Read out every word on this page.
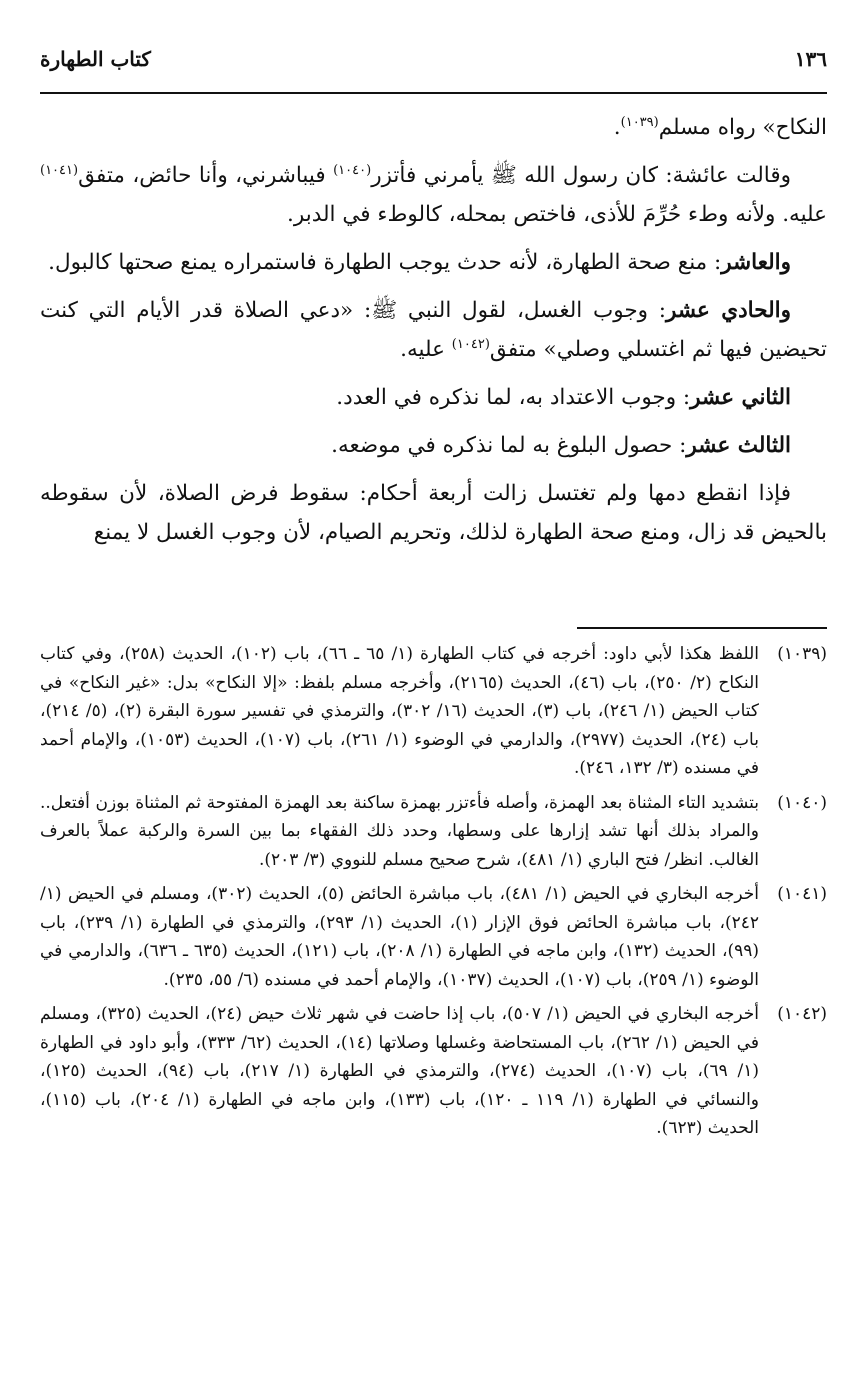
١٣٦
كتاب الطهارة

النكاح» رواه مسلم$^{(١٠٣٩)}$.

وقالت عائشة: كان رسول الله ﷺ يأمرني فأتزر$^{(١٠٤٠)}$ فيباشرني، وأنا حائض، متفق$^{(١٠٤١)}$ عليه. ولأنه وطء حُرِّمَ للأذى، فاختص بمحله، كالوطء في الدبر.

والعاشر: منع صحة الطهارة، لأنه حدث يوجب الطهارة فاستمراره يمنع صحتها كالبول.

والحادي عشر: وجوب الغسل، لقول النبي ﷺ: «دعي الصلاة قدر الأيام التي كنت تحيضين فيها ثم اغتسلي وصلي» متفق$^{(١٠٤٢)}$ عليه.

الثاني عشر: وجوب الاعتداد به، لما نذكره في العدد.

الثالث عشر: حصول البلوغ به لما نذكره في موضعه.

فإذا انقطع دمها ولم تغتسل زالت أربعة أحكام: سقوط فرض الصلاة، لأن سقوطه بالحيض قد زال، ومنع صحة الطهارة لذلك، وتحريم الصيام، لأن وجوب الغسل لا يمنع

(١٠٣٩)
اللفظ هكذا لأبي داود: أخرجه في كتاب الطهارة (١/ ٦٥ ـ ٦٦)، باب (١٠٢)، الحديث (٢٥٨)، وفي كتاب النكاح (٢/ ٢٥٠)، باب (٤٦)، الحديث (٢١٦٥)، وأخرجه مسلم بلفظ: «إلا النكاح» بدل: «غير النكاح» في كتاب الحيض (١/ ٢٤٦)، باب (٣)، الحديث (١٦/ ٣٠٢)، والترمذي في تفسير سورة البقرة (٢)، (٥/ ٢١٤)، باب (٢٤)، الحديث (٢٩٧٧)، والدارمي في الوضوء (١/ ٢٦١)، باب (١٠٧)، الحديث (١٠٥٣)، والإمام أحمد في مسنده (٣/ ١٣٢، ٢٤٦).
(١٠٤٠)
بتشديد التاء المثناة بعد الهمزة، وأصله فأءتزر بهمزة ساكنة بعد الهمزة المفتوحة ثم المثناة بوزن أفتعل.. والمراد بذلك أنها تشد إزارها على وسطها، وحدد ذلك الفقهاء بما بين السرة والركبة عملاً بالعرف الغالب. انظر/ فتح الباري (١/ ٤٨١)، شرح صحيح مسلم للنووي (٣/ ٢٠٣).
(١٠٤١)
أخرجه البخاري في الحيض (١/ ٤٨١)، باب مباشرة الحائض (٥)، الحديث (٣٠٢)، ومسلم في الحيض (١/ ٢٤٢)، باب مباشرة الحائض فوق الإزار (١)، الحديث (١/ ٢٩٣)، والترمذي في الطهارة (١/ ٢٣٩)، باب (٩٩)، الحديث (١٣٢)، وابن ماجه في الطهارة (١/ ٢٠٨)، باب (١٢١)، الحديث (٦٣٥ ـ ٦٣٦)، والدارمي في الوضوء (١/ ٢٥٩)، باب (١٠٧)، الحديث (١٠٣٧)، والإمام أحمد في مسنده (٦/ ٥٥، ٢٣٥).
(١٠٤٢)
أخرجه البخاري في الحيض (١/ ٥٠٧)، باب إذا حاضت في شهر ثلاث حيض (٢٤)، الحديث (٣٢٥)، ومسلم في الحيض (١/ ٢٦٢)، باب المستحاضة وغسلها وصلاتها (١٤)، الحديث (٦٢/ ٣٣٣)، وأبو داود في الطهارة (١/ ٦٩)، باب (١٠٧)، الحديث (٢٧٤)، والترمذي في الطهارة (١/ ٢١٧)، باب (٩٤)، الحديث (١٢٥)، والنسائي في الطهارة (١/ ١١٩ ـ ١٢٠)، باب (١٣٣)، وابن ماجه في الطهارة (١/ ٢٠٤)، باب (١١٥)، الحديث (٦٢٣).
